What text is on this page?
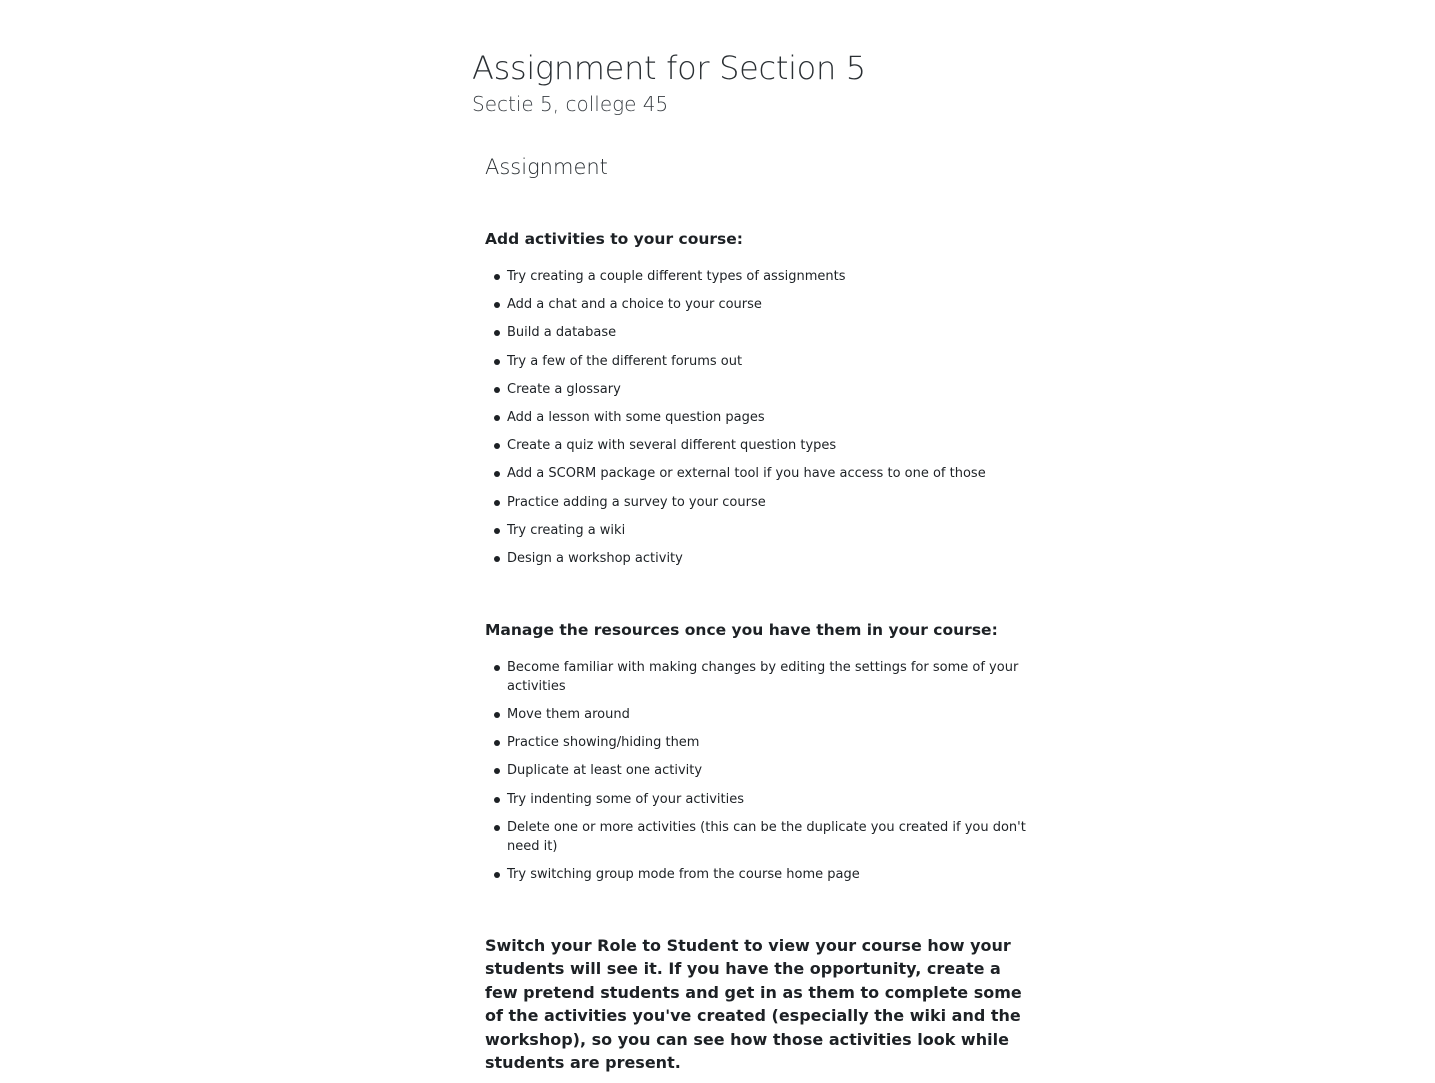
Assignment for Section 5
Sectie 5, college 45
Assignment

Add activities to your course:

Try creating a couple different types of assignments
Add a chat and a choice to your course
Build a database
Try a few of the different forums out
Create a glossary
Add a lesson with some question pages
Create a quiz with several different question types
Add a SCORM package or external tool if you have access to one of those
Practice adding a survey to your course
Try creating a wiki
Design a workshop activity

Manage the resources once you have them in your course:

Become familiar with making changes by editing the settings for some of your activities
Move them around
Practice showing/hiding them
Duplicate at least one activity
Try indenting some of your activities
Delete one or more activities (this can be the duplicate you created if you don't need it)
Try switching group mode from the course home page

Switch your Role to Student to view your course how your students will see it. If you have the opportunity, create a few pretend students and get in as them to complete some of the activities you've created (especially the wiki and the workshop), so you can see how those activities look while students are present.
